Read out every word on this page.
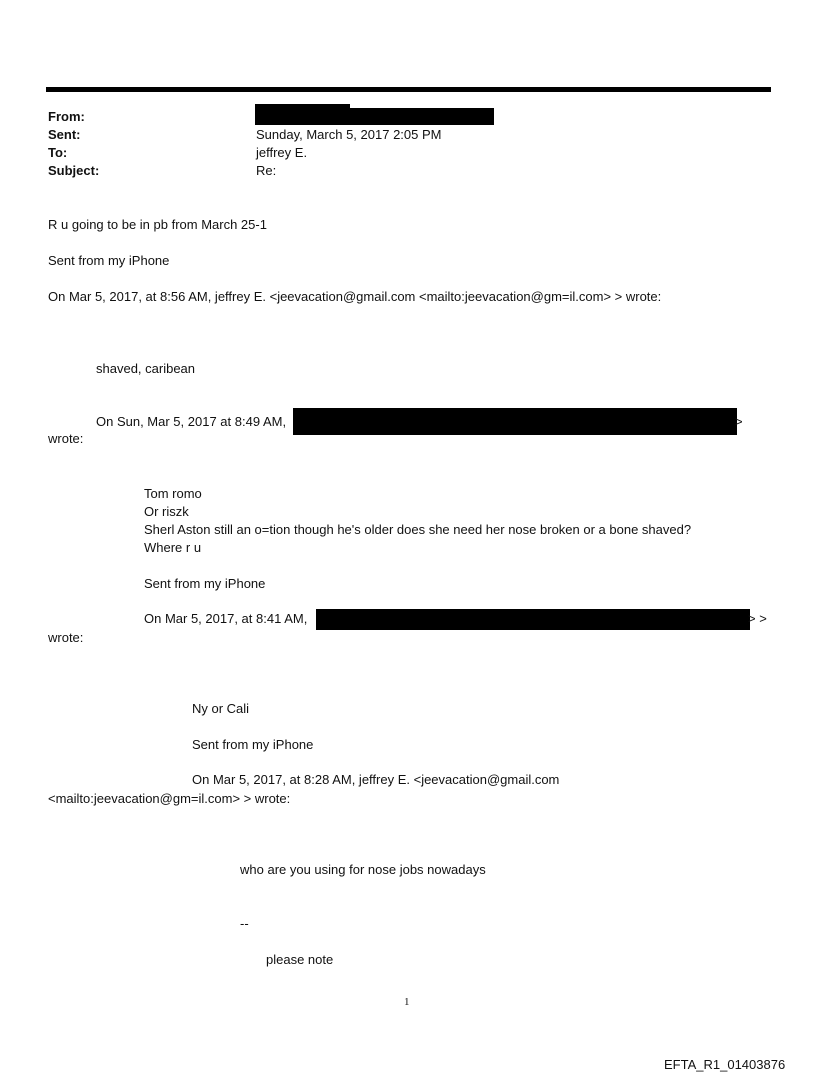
From:
Sent:
To:
Subject:
Sunday, March 5, 2017 2:05 PM
jeffrey E.
Re:
R u going to be in pb from March 25-1
Sent from my iPhone
On Mar 5, 2017, at 8:56 AM, jeffrey E. <jeevacation@gmail.com <mailto:jeevacation@gm=il.com> > wrote:
shaved, caribean
On Sun, Mar 5, 2017 at 8:49 AM,	>
wrote:
Tom romo
Or riszk
Sherl Aston still an o=tion though he's older does she need her nose broken or a bone shaved?
Where r u
Sent from my iPhone
On Mar 5, 2017, at 8:41 AM,	> >
wrote:
Ny or Cali
Sent from my iPhone
On Mar 5, 2017, at 8:28 AM, jeffrey E. <jeevacation@gmail.com
<mailto:jeevacation@gm=il.com> > wrote:
who are you using for nose jobs nowadays
--
please note
1
EFTA_R1_01403876
